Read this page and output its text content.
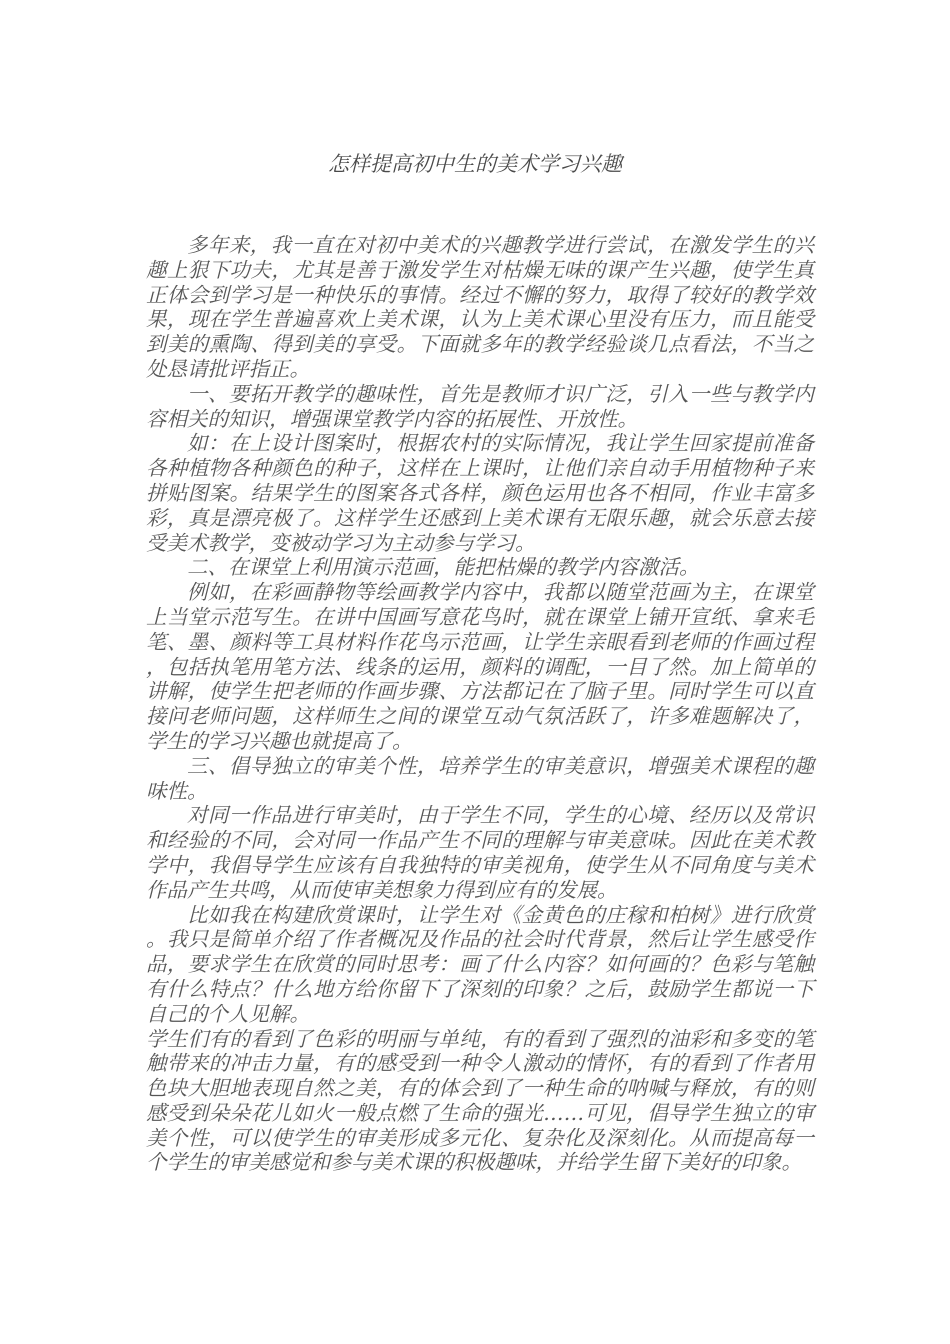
怎样提高初中生的美术学习兴趣

多年来，我一直在对初中美术的兴趣教学进行尝试，在激发学生的兴趣上狠下功夫，尤其是善于激发学生对枯燥无味的课产生兴趣，使学生真正体会到学习是一种快乐的事情。经过不懈的努力，取得了较好的教学效果，现在学生普遍喜欢上美术课，认为上美术课心里没有压力，而且能受到美的熏陶、得到美的享受。下面就多年的教学经验谈几点看法，不当之处恳请批评指正。

一、要拓开教学的趣味性，首先是教师才识广泛，引入一些与教学内容相关的知识，增强课堂教学内容的拓展性、开放性。

如：在上设计图案时，根据农村的实际情况，我让学生回家提前准备各种植物各种颜色的种子，这样在上课时，让他们亲自动手用植物种子来拼贴图案。结果学生的图案各式各样，颜色运用也各不相同，作业丰富多彩，真是漂亮极了。这样学生还感到上美术课有无限乐趣，就会乐意去接受美术教学，变被动学习为主动参与学习。

二、在课堂上利用演示范画，能把枯燥的教学内容激活。

例如，在彩画静物等绘画教学内容中，我都以随堂范画为主，在课堂上当堂示范写生。在讲中国画写意花鸟时，就在课堂上铺开宣纸、拿来毛笔、墨、颜料等工具材料作花鸟示范画，让学生亲眼看到老师的作画过程，包括执笔用笔方法、线条的运用，颜料的调配，一目了然。加上简单的讲解，使学生把老师的作画步骤、方法都记在了脑子里。同时学生可以直接问老师问题，这样师生之间的课堂互动气氛活跃了，许多难题解决了，学生的学习兴趣也就提高了。

三、倡导独立的审美个性，培养学生的审美意识，增强美术课程的趣味性。

对同一作品进行审美时，由于学生不同，学生的心境、经历以及常识和经验的不同，会对同一作品产生不同的理解与审美意味。因此在美术教学中，我倡导学生应该有自我独特的审美视角，使学生从不同角度与美术作品产生共鸣，从而使审美想象力得到应有的发展。

比如我在构建欣赏课时，让学生对《金黄色的庄稼和柏树》进行欣赏。我只是简单介绍了作者概况及作品的社会时代背景，然后让学生感受作品，要求学生在欣赏的同时思考：画了什么内容？如何画的？色彩与笔触有什么特点？什么地方给你留下了深刻的印象？之后，鼓励学生都说一下自己的个人见解。

学生们有的看到了色彩的明丽与单纯，有的看到了强烈的油彩和多变的笔触带来的冲击力量，有的感受到一种令人激动的情怀，有的看到了作者用色块大胆地表现自然之美，有的体会到了一种生命的呐喊与释放，有的则感受到朵朵花儿如火一般点燃了生命的强光……可见，倡导学生独立的审美个性，可以使学生的审美形成多元化、复杂化及深刻化。从而提高每一个学生的审美感觉和参与美术课的积极趣味，并给学生留下美好的印象。
